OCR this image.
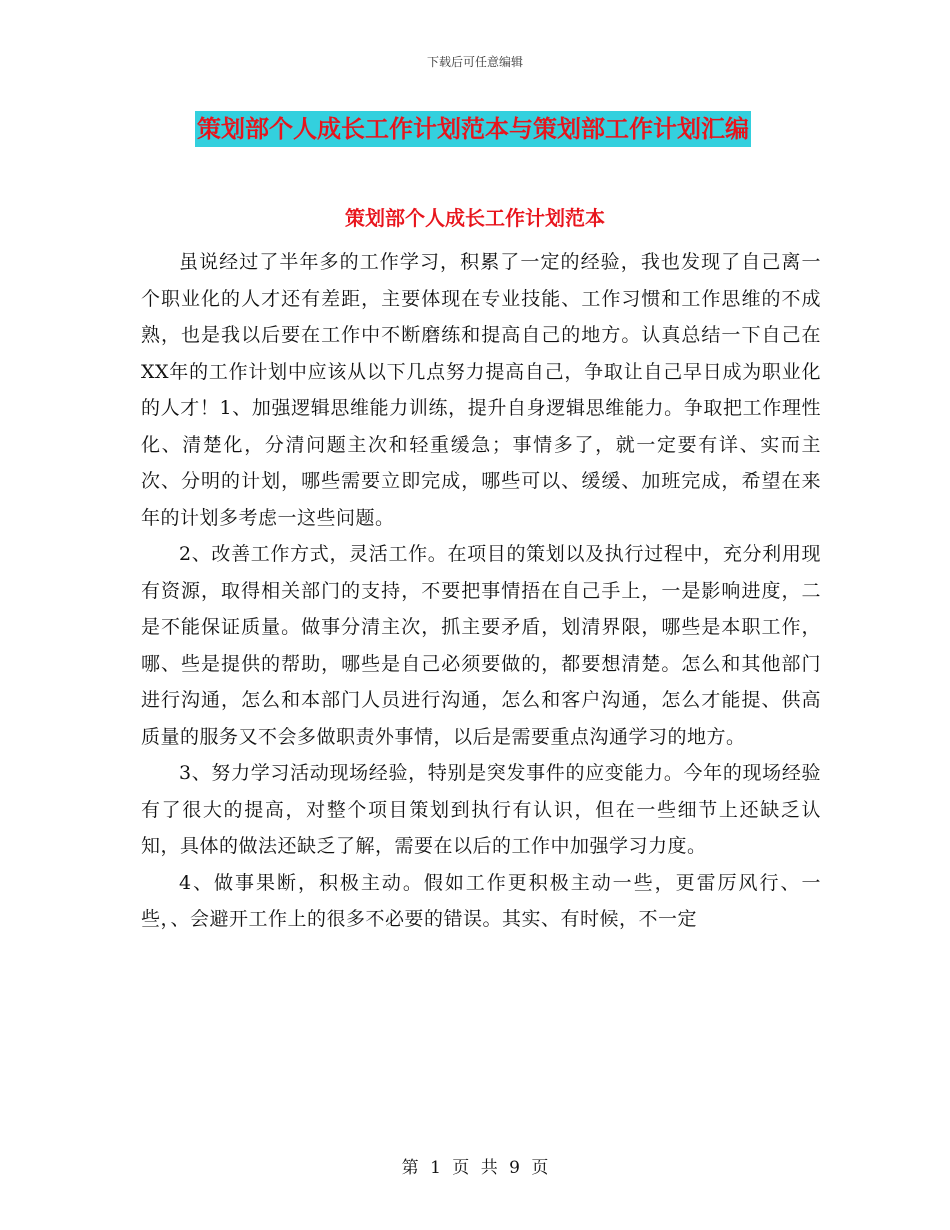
下载后可任意编辑
策划部个人成长工作计划范本与策划部工作计划汇编
策划部个人成长工作计划范本

虽说经过了半年多的工作学习，积累了一定的经验，我也发现了自己离一个职业化的人才还有差距，主要体现在专业技能、工作习惯和工作思维的不成熟，也是我以后要在工作中不断磨练和提高自己的地方。认真总结一下自己在XX年的工作计划中应该从以下几点努力提高自己，争取让自己早日成为职业化的人才！1、加强逻辑思维能力训练，提升自身逻辑思维能力。争取把工作理性化、清楚化，分清问题主次和轻重缓急；事情多了，就一定要有详、实而主次、分明的计划，哪些需要立即完成，哪些可以、缓缓、加班完成，希望在来年的计划多考虑一这些问题。

2、改善工作方式，灵活工作。在项目的策划以及执行过程中，充分利用现有资源，取得相关部门的支持，不要把事情捂在自己手上，一是影响进度，二是不能保证质量。做事分清主次，抓主要矛盾，划清界限，哪些是本职工作，哪、些是提供的帮助，哪些是自己必须要做的，都要想清楚。怎么和其他部门进行沟通，怎么和本部门人员进行沟通，怎么和客户沟通，怎么才能提、供高质量的服务又不会多做职责外事情，以后是需要重点沟通学习的地方。

3、努力学习活动现场经验，特别是突发事件的应变能力。今年的现场经验有了很大的提高，对整个项目策划到执行有认识，但在一些细节上还缺乏认知，具体的做法还缺乏了解，需要在以后的工作中加强学习力度。

4、做事果断，积极主动。假如工作更积极主动一些，更雷厉风行、一些，、会避开工作上的很多不必要的错误。其实、有时候，不一定

第 1 页 共 9 页
